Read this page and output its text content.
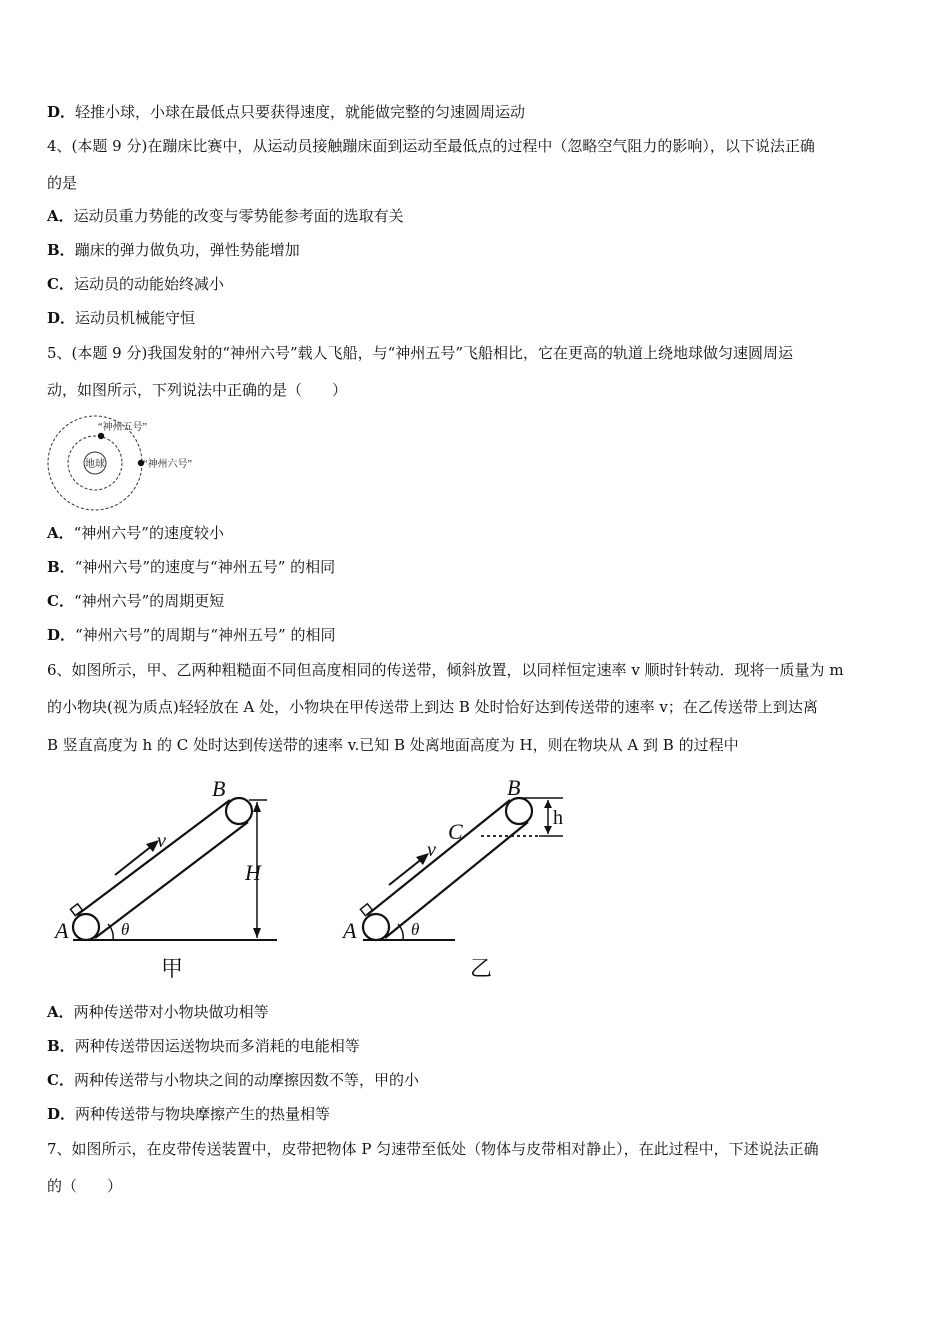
D．轻推小球，小球在最低点只要获得速度，就能做完整的匀速圆周运动
4、(本题 9 分)在蹦床比赛中，从运动员接触蹦床面到运动至最低点的过程中（忽略空气阻力的影响），以下说法正确
的是
A．运动员重力势能的改变与零势能参考面的选取有关
B．蹦床的弹力做负功，弹性势能增加
C．运动员的动能始终减小
D．运动员机械能守恒
5、(本题 9 分)我国发射的“神州六号”载人飞船，与“神州五号”飞船相比，它在更高的轨道上绕地球做匀速圆周运
动，如图所示，下列说法中正确的是（　　）
地球
“神州五号”
“神州六号”
A．“神州六号”的速度较小
B．“神州六号”的速度与“神州五号” 的相同
C．“神州六号”的周期更短
D．“神州六号”的周期与“神州五号” 的相同
6、如图所示，甲、乙两种粗糙面不同但高度相同的传送带，倾斜放置，以同样恒定速率 v 顺时针转动．现将一质量为 m
的小物块(视为质点)轻轻放在 A 处，小物块在甲传送带上到达 B 处时恰好达到传送带的速率 v；在乙传送带上到达离
B 竖直高度为 h 的 C 处时达到传送带的速率 v.已知 B 处离地面高度为 H，则在物块从 A 到 B 的过程中
B
A
v
θ
H
甲
B
C
A
v
θ
h
乙
A．两种传送带对小物块做功相等
B．两种传送带因运送物块而多消耗的电能相等
C．两种传送带与小物块之间的动摩擦因数不等，甲的小
D．两种传送带与物块摩擦产生的热量相等
7、如图所示，在皮带传送装置中，皮带把物体 P 匀速带至低处（物体与皮带相对静止），在此过程中，下述说法正确
的（　　）
